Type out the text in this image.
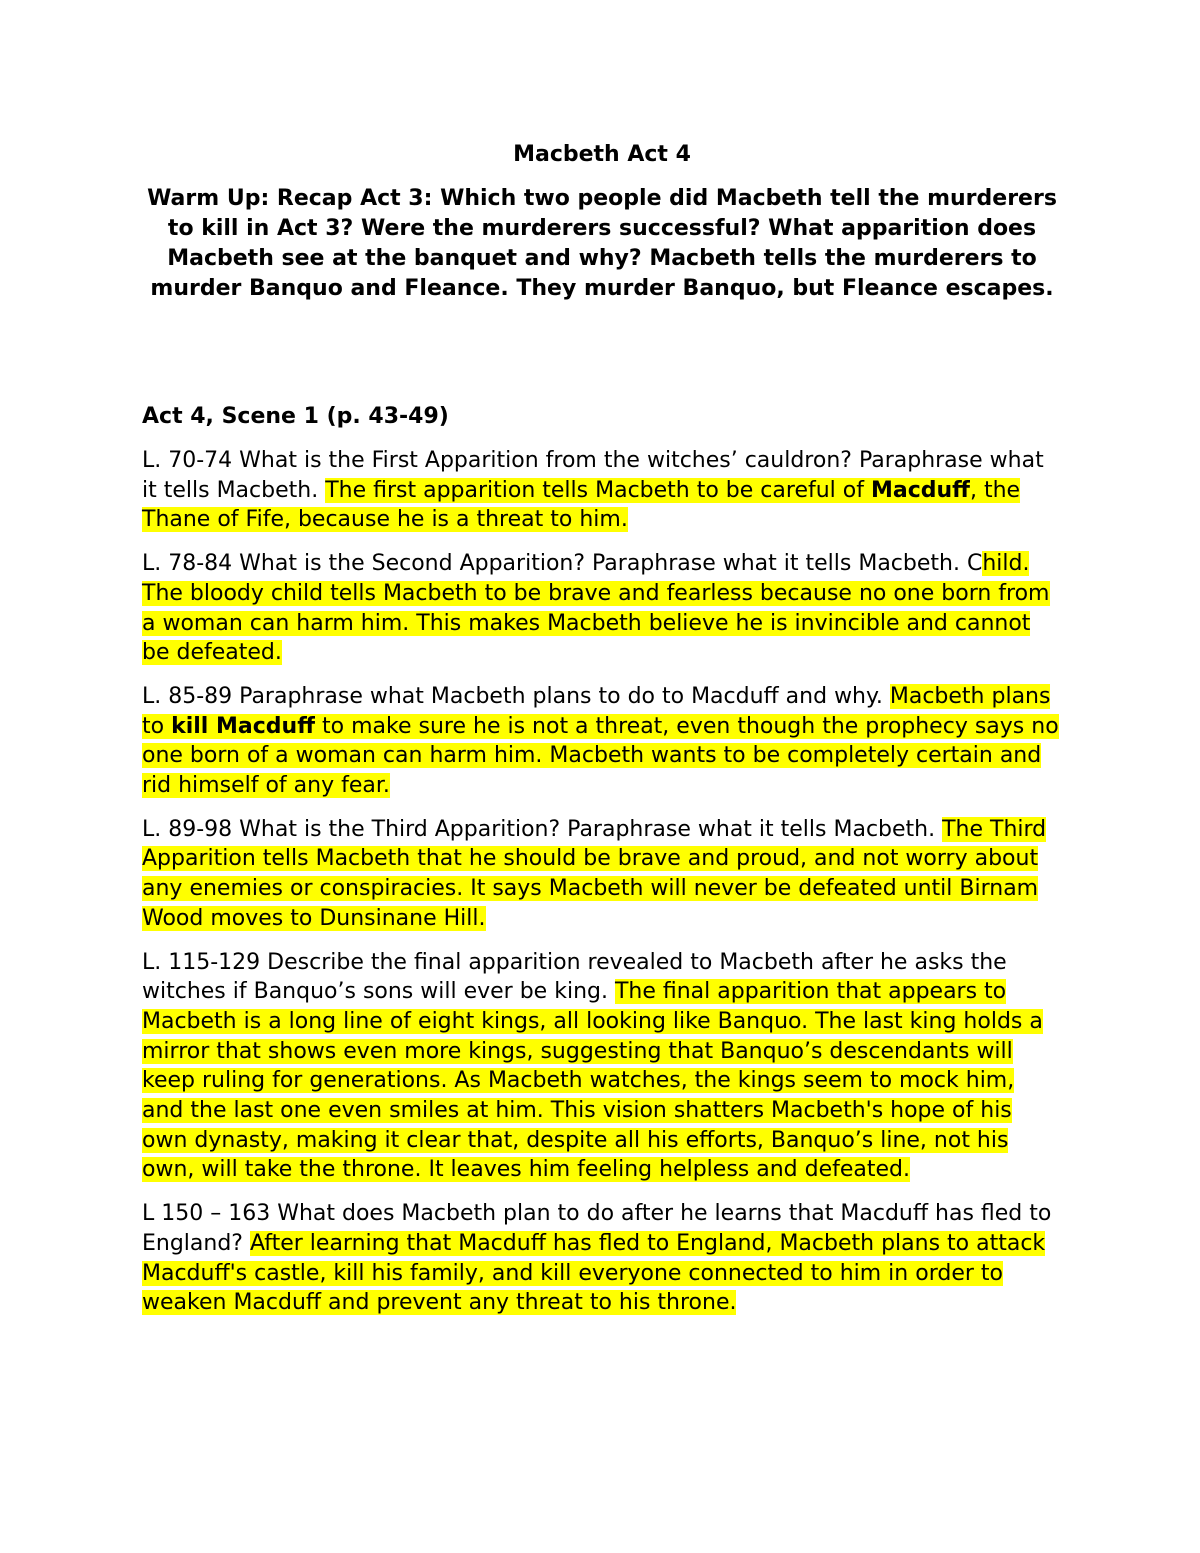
Macbeth Act 4

Warm Up: Recap Act 3: Which two people did Macbeth tell the murderers to kill in Act 3? Were the murderers successful? What apparition does Macbeth see at the banquet and why? Macbeth tells the murderers to murder Banquo and Fleance. They murder Banquo, but Fleance escapes.

Act 4, Scene 1 (p. 43-49)

L. 70-74 What is the First Apparition from the witches’ cauldron? Paraphrase what it tells Macbeth. The first apparition tells Macbeth to be careful of Macduff, the Thane of Fife, because he is a threat to him.

L. 78-84 What is the Second Apparition? Paraphrase what it tells Macbeth. Child. The bloody child tells Macbeth to be brave and fearless because no one born from a woman can harm him. This makes Macbeth believe he is invincible and cannot be defeated.

L. 85-89 Paraphrase what Macbeth plans to do to Macduff and why. Macbeth plans to kill Macduff to make sure he is not a threat, even though the prophecy says no one born of a woman can harm him. Macbeth wants to be completely certain and rid himself of any fear.

L. 89-98 What is the Third Apparition? Paraphrase what it tells Macbeth. The Third Apparition tells Macbeth that he should be brave and proud, and not worry about any enemies or conspiracies. It says Macbeth will never be defeated until Birnam Wood moves to Dunsinane Hill.

L. 115-129 Describe the final apparition revealed to Macbeth after he asks the witches if Banquo’s sons will ever be king. The final apparition that appears to Macbeth is a long line of eight kings, all looking like Banquo. The last king holds a mirror that shows even more kings, suggesting that Banquo’s descendants will keep ruling for generations. As Macbeth watches, the kings seem to mock him, and the last one even smiles at him. This vision shatters Macbeth's hope of his own dynasty, making it clear that, despite all his efforts, Banquo’s line, not his own, will take the throne. It leaves him feeling helpless and defeated.

L 150 – 163 What does Macbeth plan to do after he learns that Macduff has fled to England? After learning that Macduff has fled to England, Macbeth plans to attack Macduff's castle, kill his family, and kill everyone connected to him in order to weaken Macduff and prevent any threat to his throne.
